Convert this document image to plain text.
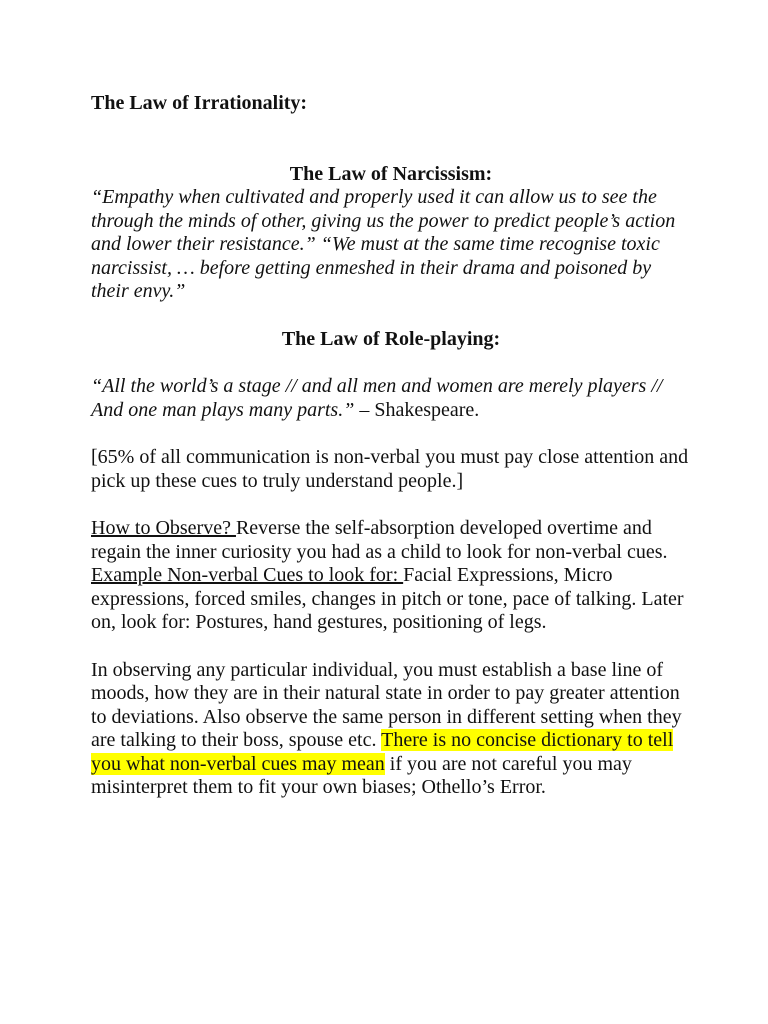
The Law of Irrationality:
The Law of Narcissism:

“Empathy when cultivated and properly used it can allow us to see the through the minds of other, giving us the power to predict people’s action and lower their resistance.” “We must at the same time recognise toxic narcissist, … before getting enmeshed in their drama and poisoned by their envy.”

The Law of Role-playing:

“All the world’s a stage // and all men and women are merely players // And one man plays many parts.” – Shakespeare.

[65% of all communication is non-verbal you must pay close attention and pick up these cues to truly understand people.]

How to Observe? Reverse the self-absorption developed overtime and regain the inner curiosity you had as a child to look for non-verbal cues. Example Non-verbal Cues to look for: Facial Expressions, Micro expressions, forced smiles, changes in pitch or tone, pace of talking. Later on, look for: Postures, hand gestures, positioning of legs.

In observing any particular individual, you must establish a base line of moods, how they are in their natural state in order to pay greater attention to deviations. Also observe the same person in different setting when they are talking to their boss, spouse etc. There is no concise dictionary to tell you what non-verbal cues may mean if you are not careful you may misinterpret them to fit your own biases; Othello’s Error.
